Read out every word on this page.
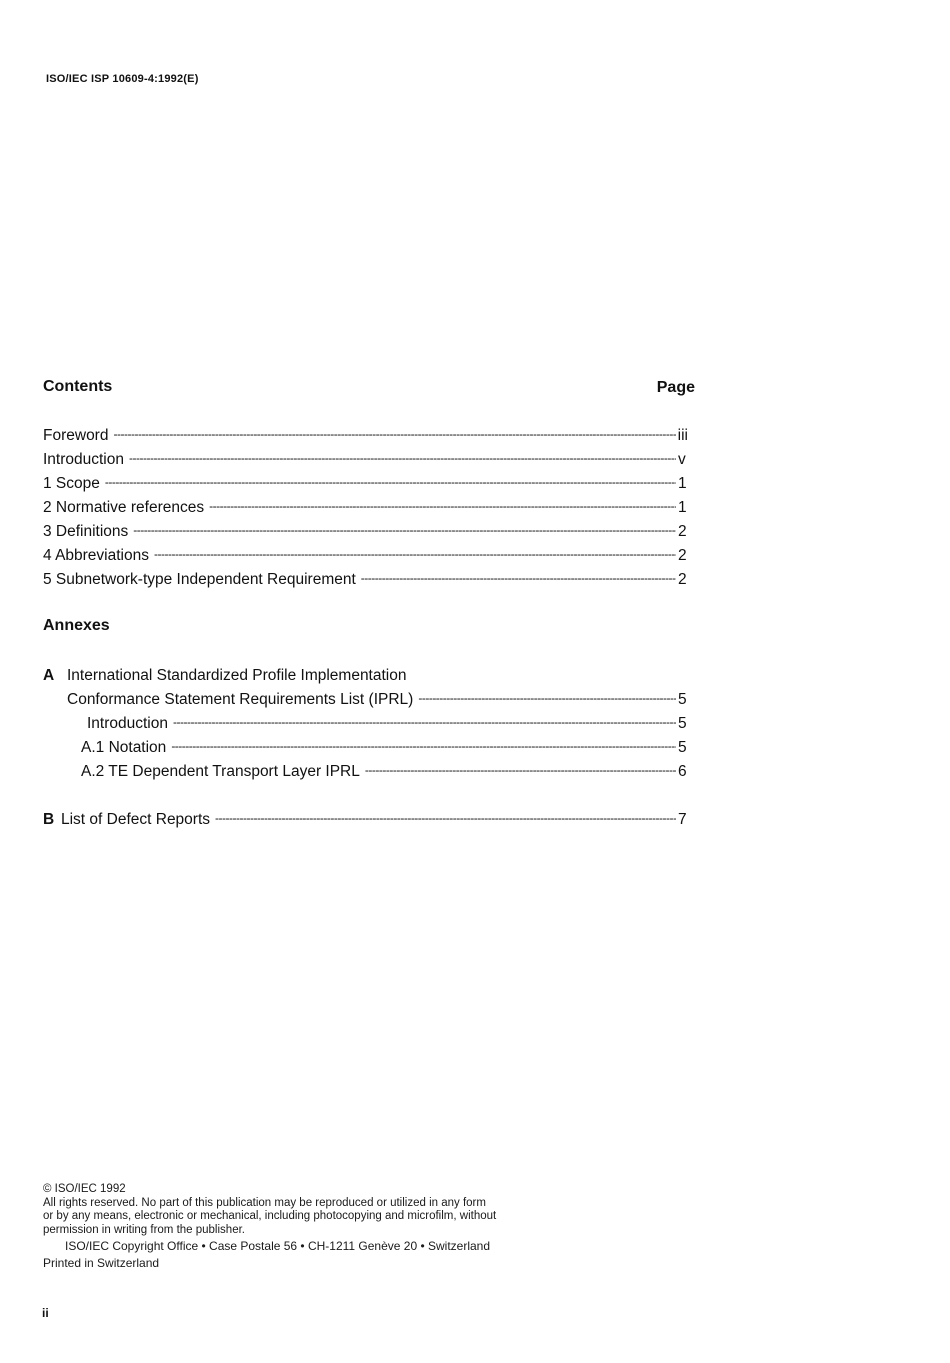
ISO/IEC ISP 10609-4:1992(E)
Contents	Page
Foreword -----	iii
Introduction -----	v
1 Scope -----	1
2 Normative references -----	1
3 Definitions -----	2
4 Abbreviations -----	2
5 Subnetwork-type Independent Requirement -----	2
Annexes
A International Standardized Profile Implementation
Conformance Statement Requirements List (IPRL) -----	5
Introduction -----	5
A.1 Notation -----	5
A.2 TE Dependent Transport Layer IPRL -----	6
B List of Defect Reports -----	7
© ISO/IEC 1992
All rights reserved. No part of this publication may be reproduced or utilized in any form
or by any means, electronic or mechanical, including photocopying and microfilm, without
permission in writing from the publisher.
ISO/IEC Copyright Office • Case Postale 56 • CH-1211 Genève 20 • Switzerland
Printed in Switzerland
ii
